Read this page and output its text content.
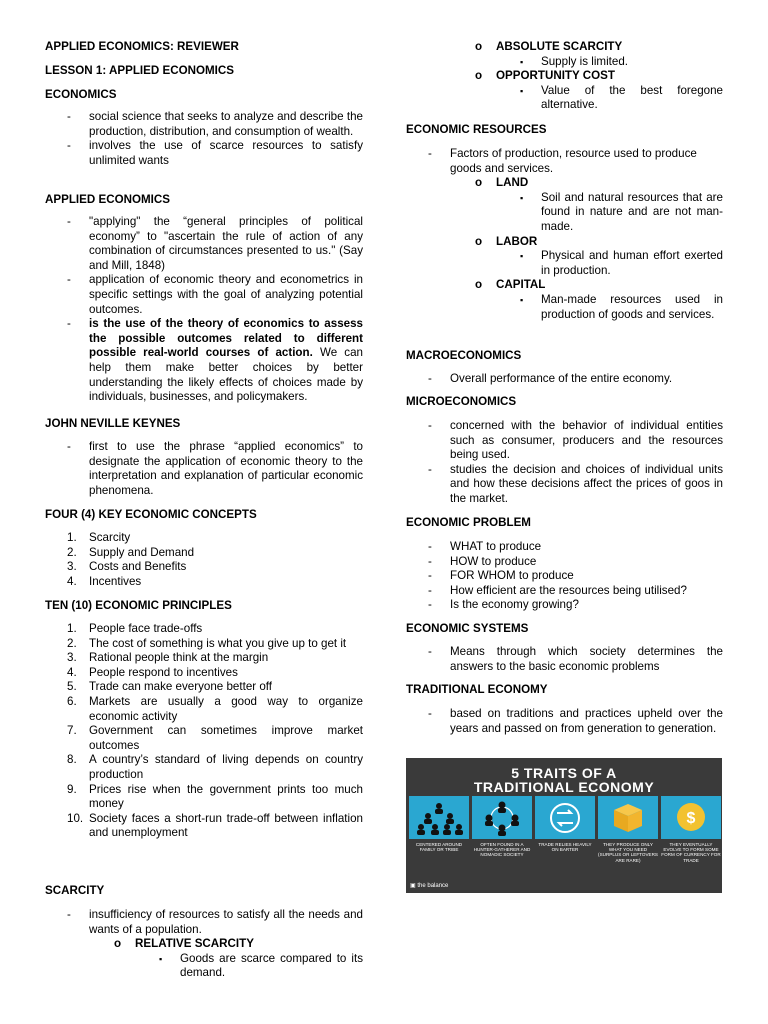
APPLIED ECONOMICS: REVIEWER
LESSON 1: APPLIED ECONOMICS
ECONOMICS
- social science that seeks to analyze and describe the production, distribution, and consumption of wealth.
- involves the use of scarce resources to satisfy unlimited wants
APPLIED ECONOMICS
- "applying" the “general principles of political economy” to "ascertain the rule of action of any combination of circumstances presented to us." (Say and Mill, 1848)
- application of economic theory and econometrics in specific settings with the goal of analyzing potential outcomes.
- is the use of the theory of economics to assess the possible outcomes related to different possible real-world courses of action. We can help them make better choices by better understanding the likely effects of choices made by individuals, businesses, and policymakers.
JOHN NEVILLE KEYNES
- first to use the phrase “applied economics” to designate the application of economic theory to the interpretation and explanation of particular economic phenomena.
FOUR (4) KEY ECONOMIC CONCEPTS
1. Scarcity
2. Supply and Demand
3. Costs and Benefits
4. Incentives
TEN (10) ECONOMIC PRINCIPLES
1. People face trade-offs
2. The cost of something is what you give up to get it
3. Rational people think at the margin
4. People respond to incentives
5. Trade can make everyone better off
6. Markets are usually a good way to organize economic activity
7. Government can sometimes improve market outcomes
8. A country’s standard of living depends on country production
9. Prices rise when the government prints too much money
10. Society faces a short-run trade-off between inflation and unemployment
SCARCITY
- insufficiency of resources to satisfy all the needs and wants of a population.
o RELATIVE SCARCITY
▪ Goods are scarce compared to its demand.
o ABSOLUTE SCARCITY
▪ Supply is limited.
o OPPORTUNITY COST
▪ Value of the best foregone alternative.
ECONOMIC RESOURCES
- Factors of production, resource used to produce goods and services.
o LAND
▪ Soil and natural resources that are found in nature and are not man-made.
o LABOR
▪ Physical and human effort exerted in production.
o CAPITAL
▪ Man-made resources used in production of goods and services.
MACROECONOMICS
- Overall performance of the entire economy.
MICROECONOMICS
- concerned with the behavior of individual entities such as consumer, producers and the resources being used.
- studies the decision and choices of individual units and how these decisions affect the prices of goos in the market.
ECONOMIC PROBLEM
- WHAT to produce
- HOW to produce
- FOR WHOM to produce
- How efficient are the resources being utilised?
- Is the economy growing?
ECONOMIC SYSTEMS
- Means through which society determines the answers to the basic economic problems
TRADITIONAL ECONOMY
- based on traditions and practices upheld over the years and passed on from generation to generation.
5 TRAITS OF A
TRADITIONAL ECONOMY
CENTERED AROUND FAMILY OR TRIBE
OFTEN FOUND IN A HUNTER-GATHERER AND NOMADIC SOCIETY
TRADE RELIES HEAVILY ON BARTER
THEY PRODUCE ONLY WHAT YOU NEED (SURPLUS OR LEFTOVERS ARE RARE)
$
THEY EVENTUALLY EVOLVE TO FORM SOME FORM OF CURRENCY FOR TRADE
▣ the balance
